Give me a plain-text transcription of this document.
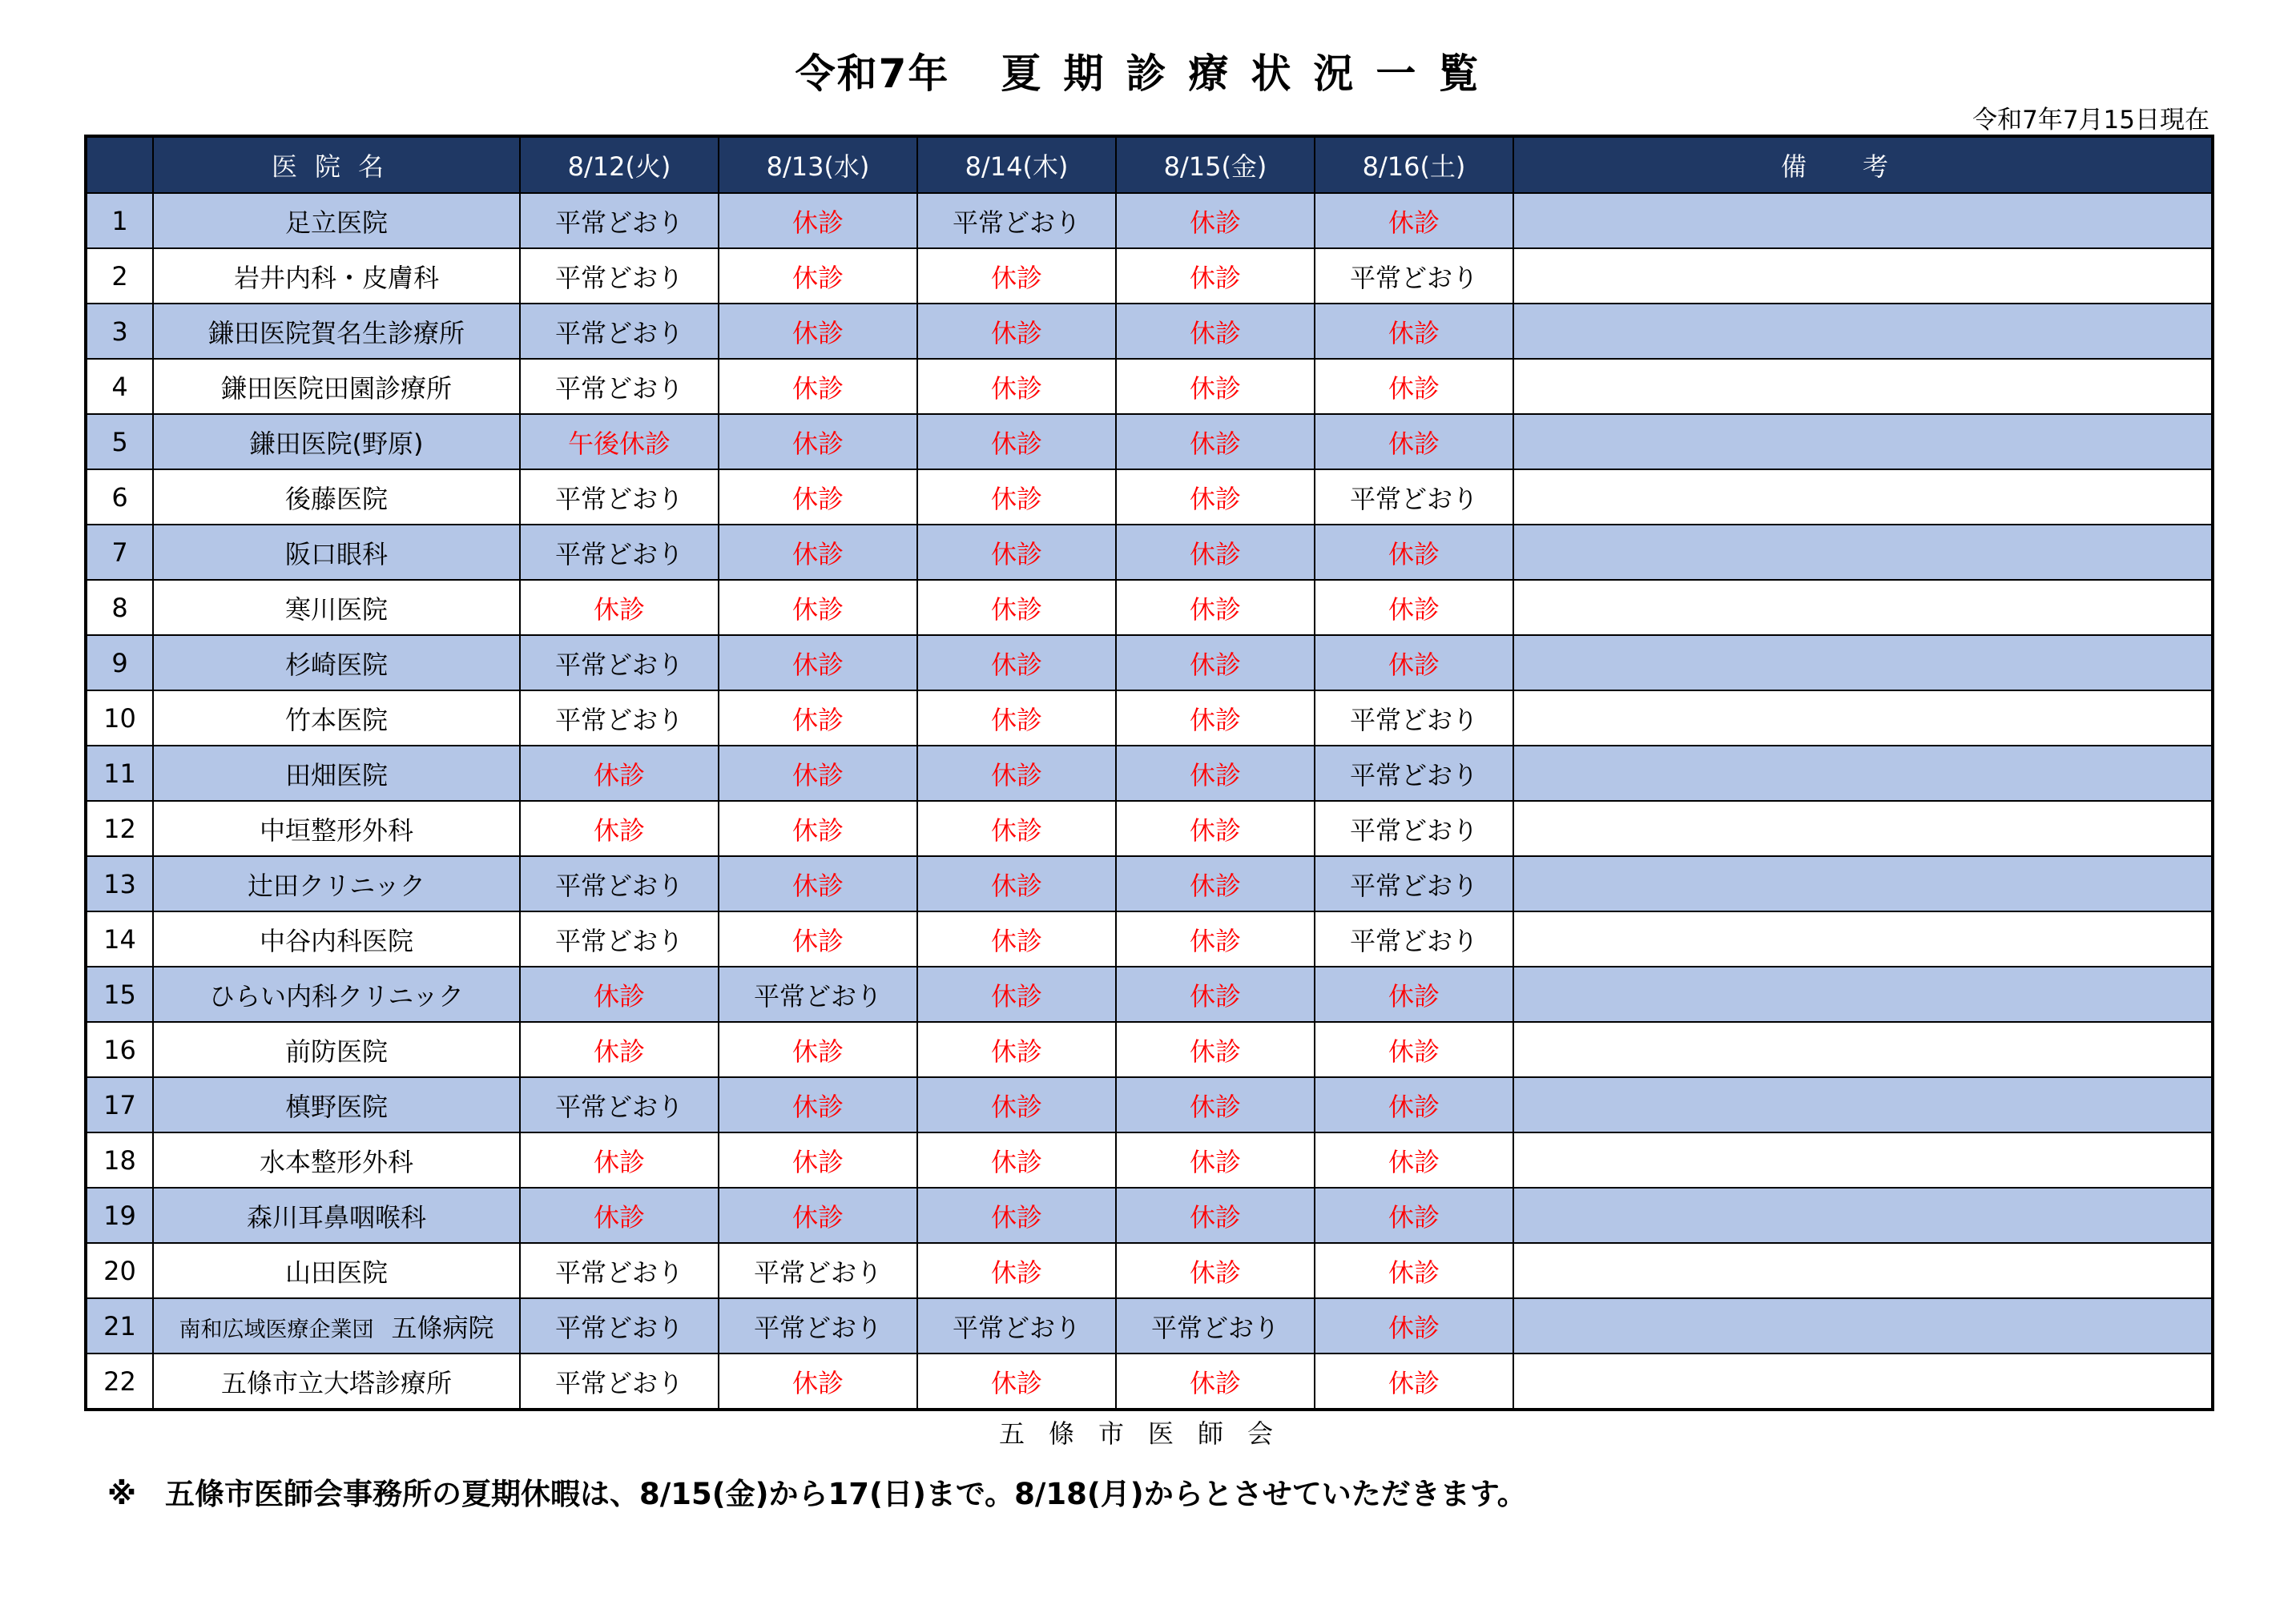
令和7年 夏期診療状況一覧
令和7年7月15日現在
	医院名	8/12(火)	8/13(水)	8/14(木)	8/15(金)	8/16(土)	備考
1	足立医院	平常どおり	休診	平常どおり	休診	休診	
2	岩井内科・皮膚科	平常どおり	休診	休診	休診	平常どおり	
3	鎌田医院賀名生診療所	平常どおり	休診	休診	休診	休診	
4	鎌田医院田園診療所	平常どおり	休診	休診	休診	休診	
5	鎌田医院(野原)	午後休診	休診	休診	休診	休診	
6	後藤医院	平常どおり	休診	休診	休診	平常どおり	
7	阪口眼科	平常どおり	休診	休診	休診	休診	
8	寒川医院	休診	休診	休診	休診	休診	
9	杉崎医院	平常どおり	休診	休診	休診	休診	
10	竹本医院	平常どおり	休診	休診	休診	平常どおり	
11	田畑医院	休診	休診	休診	休診	平常どおり	
12	中垣整形外科	休診	休診	休診	休診	平常どおり	
13	辻田クリニック	平常どおり	休診	休診	休診	平常どおり	
14	中谷内科医院	平常どおり	休診	休診	休診	平常どおり	
15	ひらい内科クリニック	休診	平常どおり	休診	休診	休診	
16	前防医院	休診	休診	休診	休診	休診	
17	槙野医院	平常どおり	休診	休診	休診	休診	
18	水本整形外科	休診	休診	休診	休診	休診	
19	森川耳鼻咽喉科	休診	休診	休診	休診	休診	
20	山田医院	平常どおり	平常どおり	休診	休診	休診	
21	南和広域医療企業団 五條病院	平常どおり	平常どおり	平常どおり	平常どおり	休診	
22	五條市立大塔診療所	平常どおり	休診	休診	休診	休診	
五條市医師会
※ 五條市医師会事務所の夏期休暇は、8/15(金)から17(日)まで。8/18(月)からとさせていただきます。
